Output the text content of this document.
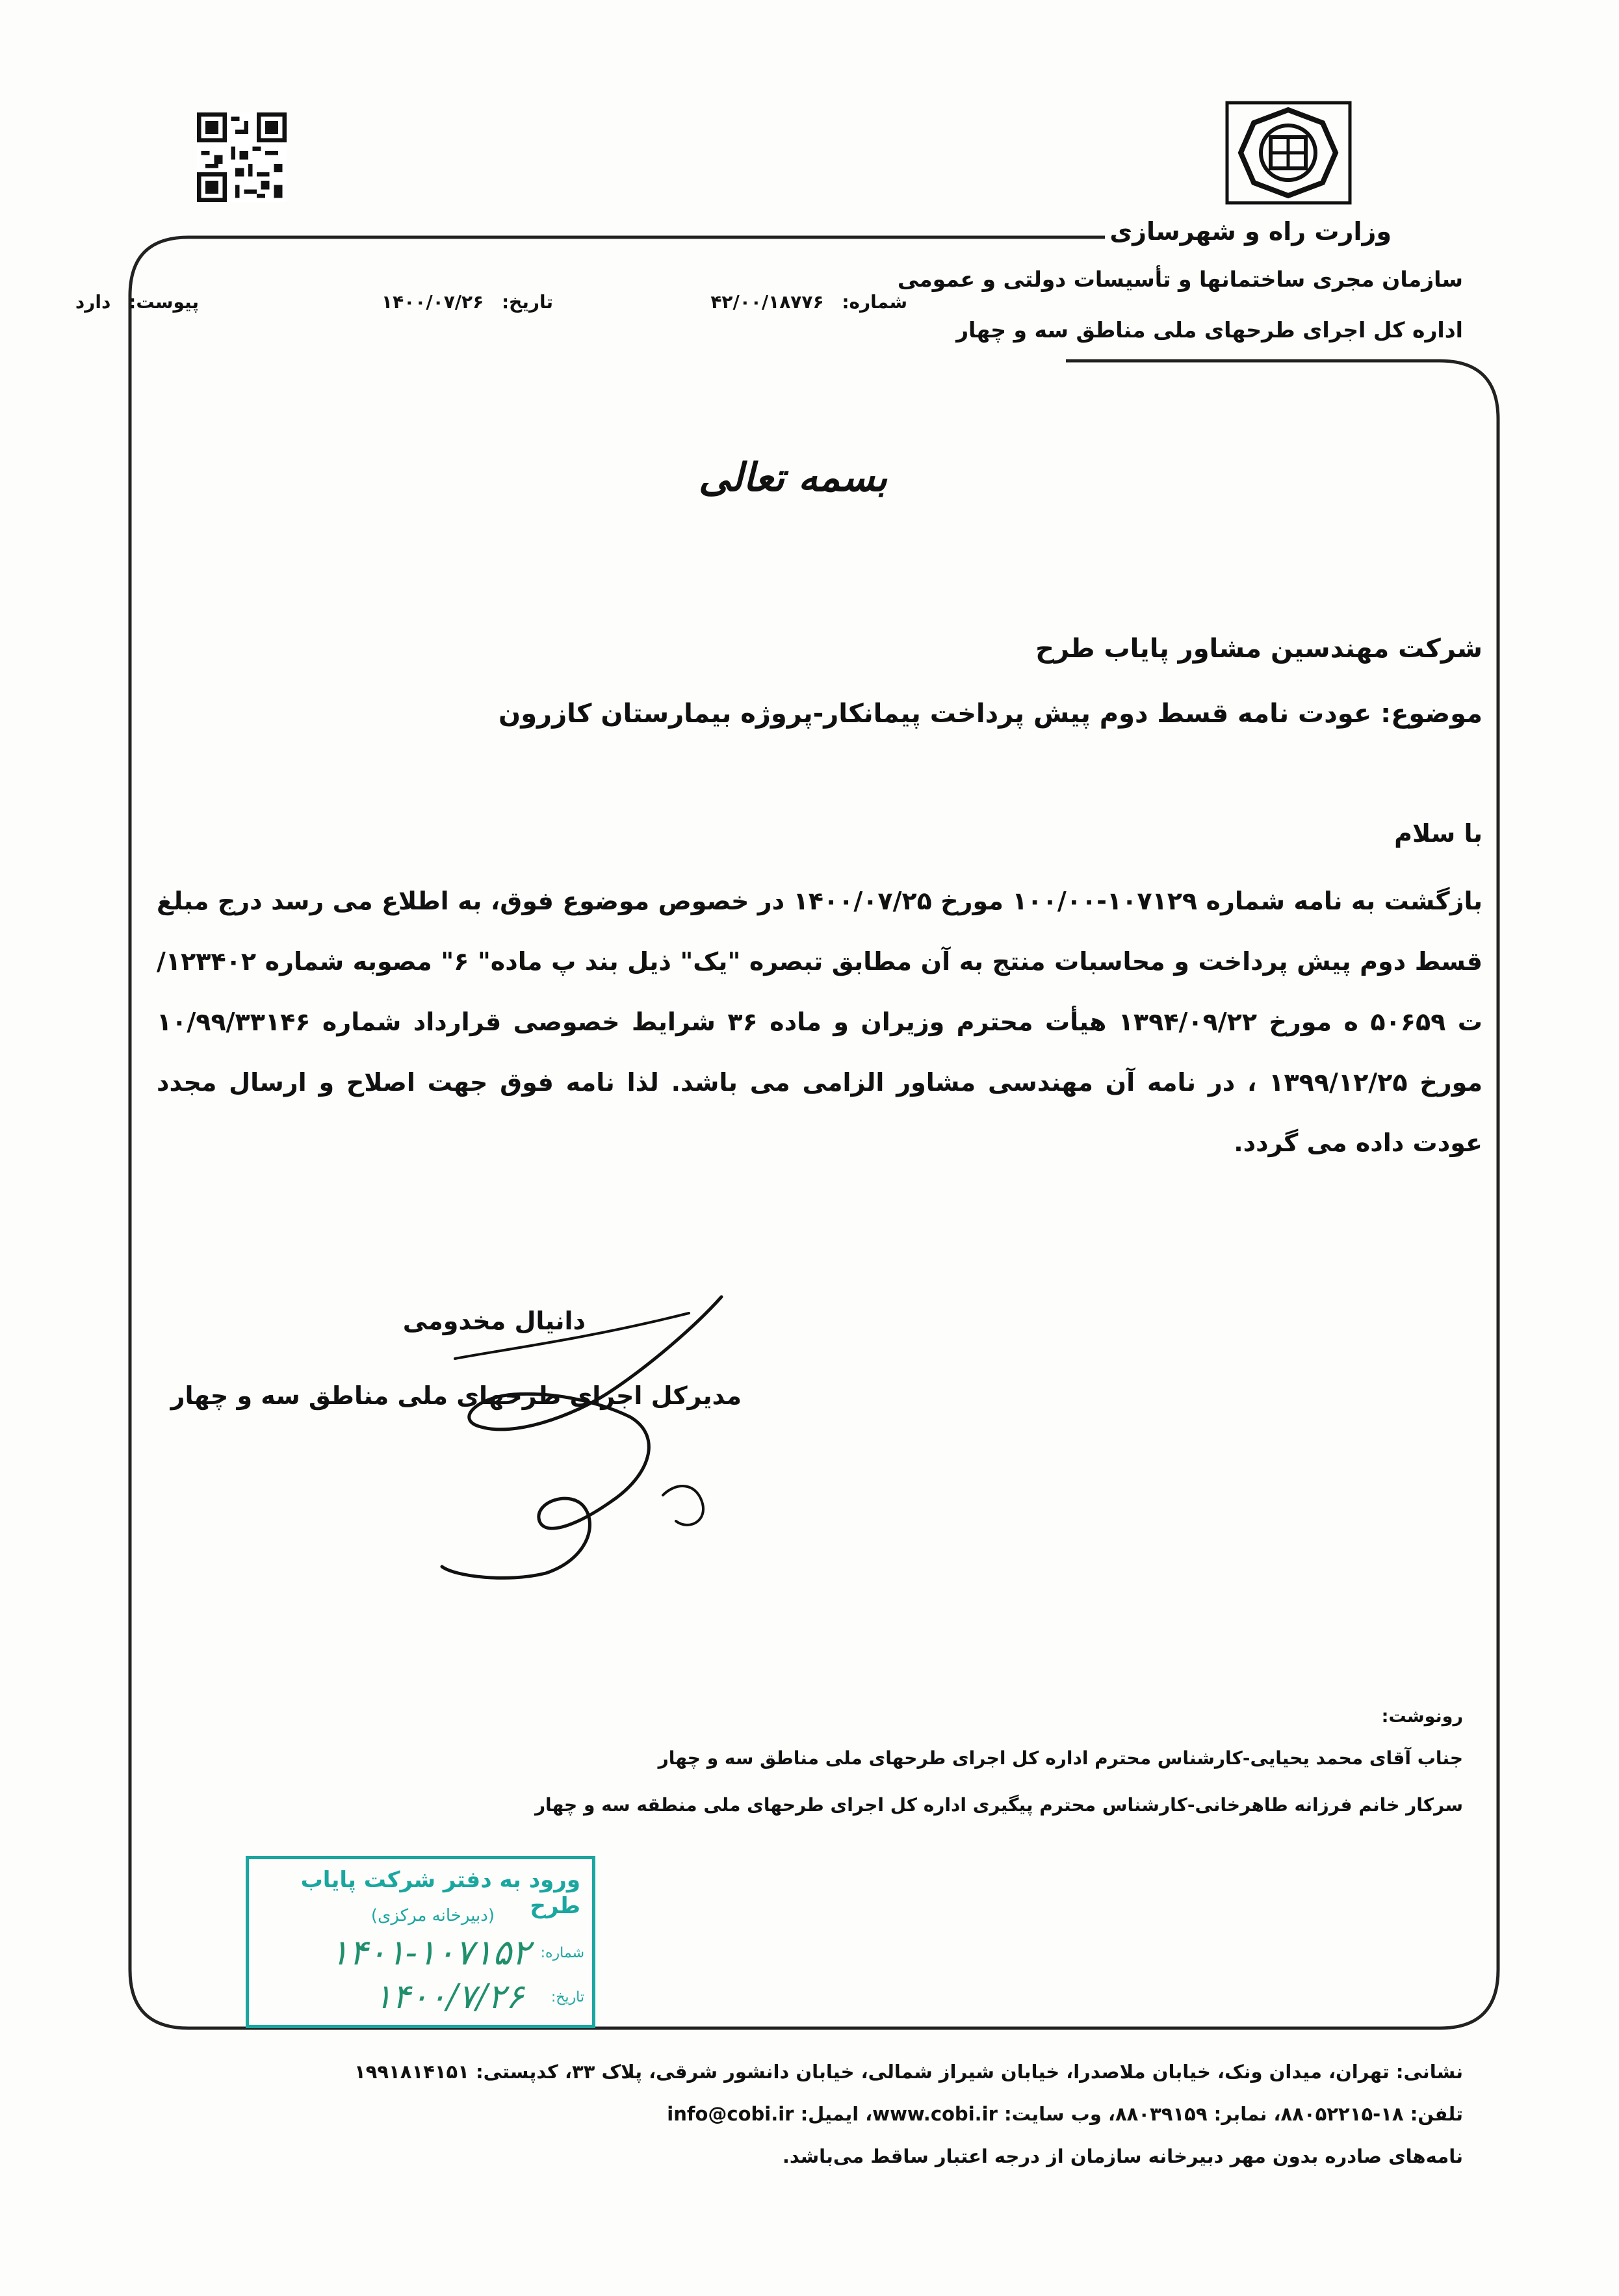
وزارت راه و شهرسازی
سازمان مجری ساختمانها و تأسیسات دولتی و عمومی
اداره کل اجرای طرحهای ملی مناطق سه و چهار
شماره: ۴۲/۰۰/۱۸۷۷۶
تاریخ: ۱۴۰۰/۰۷/۲۶
پیوست: دارد
بسمه تعالی
شرکت مهندسین مشاور پایاب طرح
موضوع: عودت نامه قسط دوم پیش پرداخت پیمانکار-پروژه بیمارستان کازرون
با سلام
بازگشت به نامه شماره ۱۰۷۱۲۹-۱۰۰/۰۰ مورخ ۱۴۰۰/۰۷/۲۵ در خصوص موضوع فوق، به اطلاع می رسد درج مبلغ قسط دوم پیش پرداخت و محاسبات منتج به آن مطابق تبصره "یک" ذیل بند پ ماده" ۶" مصوبه شماره ۱۲۳۴۰۲/ت ۵۰۶۵۹ ه مورخ ۱۳۹۴/۰۹/۲۲ هیأت محترم وزیران و ماده ۳۶ شرایط خصوصی قرارداد شماره ۱۰/۹۹/۳۳۱۴۶ مورخ ۱۳۹۹/۱۲/۲۵ ، در نامه آن مهندسی مشاور الزامی می باشد. لذا نامه فوق جهت اصلاح و ارسال مجدد عودت داده می گردد.
دانیال مخدومی
مدیرکل اجرای طرحهای ملی مناطق سه و چهار
رونوشت:
جناب آقای محمد یحیایی-کارشناس محترم اداره کل اجرای طرحهای ملی مناطق سه و چهار
سرکار خانم فرزانه طاهرخانی-کارشناس محترم پیگیری اداره کل اجرای طرحهای ملی منطقه سه و چهار
ورود به دفتر شرکت پایاب طرح
(دبیرخانه مرکزی)
شماره:
۱۴۰۱-۱۰۷۱۵۲
تاریخ:
۱۴۰۰/۷/۲۶
نشانی: تهران، میدان ونک، خیابان ملاصدرا، خیابان شیراز شمالی، خیابان دانشور شرقی، پلاک ۳۳، کدپستی: ۱۹۹۱۸۱۴۱۵۱
تلفن: ۱۸-۸۸۰۵۲۲۱۵، نمابر: ۸۸۰۳۹۱۵۹، وب سایت: www.cobi.ir، ایمیل: info@cobi.ir
نامه‌های صادره بدون مهر دبیرخانه سازمان از درجه اعتبار ساقط می‌باشد.
